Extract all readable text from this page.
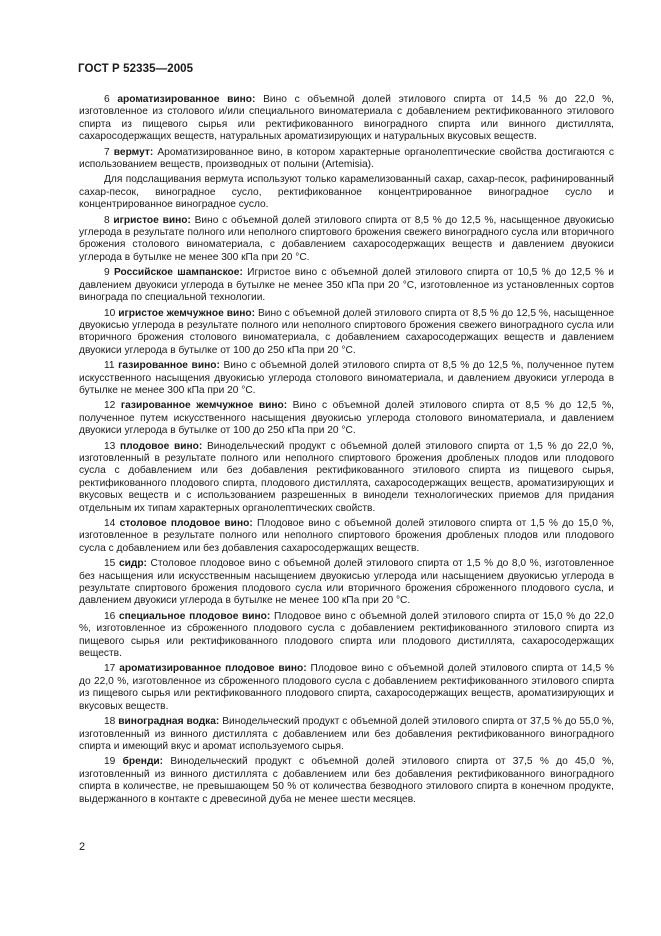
ГОСТ Р 52335—2005

6 ароматизированное вино: Вино с объемной долей этилового спирта от 14,5 % до 22,0 %, изготовленное из столового и/или специального виноматериала с добавлением ректификованного этилового спирта из пищевого сырья или ректификованного виноградного спирта или винного дистиллята, сахаросодержащих веществ, натуральных ароматизирующих и натуральных вкусовых веществ.

7 вермут: Ароматизированное вино, в котором характерные органолептические свойства достигаются с использованием веществ, производных от полыни (Artemisia).

Для подслащивания вермута используют только карамелизованный сахар, сахар-песок, рафинированный сахар-песок, виноградное сусло, ректификованное концентрированное виноградное сусло и концентрированное виноградное сусло.

8 игристое вино: Вино с объемной долей этилового спирта от 8,5 % до 12,5 %, насыщенное двуокисью углерода в результате полного или неполного спиртового брожения свежего виноградного сусла или вторичного брожения столового виноматериала, с добавлением сахаросодержащих веществ и давлением двуокиси углерода в бутылке не менее 300 кПа при 20 °С.

9 Российское шампанское: Игристое вино с объемной долей этилового спирта от 10,5 % до 12,5 % и давлением двуокиси углерода в бутылке не менее 350 кПа при 20 °С, изготовленное из установленных сортов винограда по специальной технологии.

10 игристое жемчужное вино: Вино с объемной долей этилового спирта от 8,5 % до 12,5 %, насыщенное двуокисью углерода в результате полного или неполного спиртового брожения свежего виноградного сусла или вторичного брожения столового виноматериала, с добавлением сахаросодержащих веществ и давлением двуокиси углерода в бутылке от 100 до 250 кПа при 20 °С.

11 газированное вино: Вино с объемной долей этилового спирта от 8,5 % до 12,5 %, полученное путем искусственного насыщения двуокисью углерода столового виноматериала, и давлением двуокиси углерода в бутылке не менее 300 кПа при 20 °С.

12 газированное жемчужное вино: Вино с объемной долей этилового спирта от 8,5 % до 12,5 %, полученное путем искусственного насыщения двуокисью углерода столового виноматериала, и давлением двуокиси углерода в бутылке от 100 до 250 кПа при 20 °С.

13 плодовое вино: Винодельческий продукт с объемной долей этилового спирта от 1,5 % до 22,0 %, изготовленный в результате полного или неполного спиртового брожения дробленых плодов или плодового сусла с добавлением или без добавления ректификованного этилового спирта из пищевого сырья, ректификованного плодового спирта, плодового дистиллята, сахаросодержащих веществ, ароматизирующих и вкусовых веществ и с использованием разрешенных в винодели технологических приемов для придания отдельным их типам характерных органолептических свойств.

14 столовое плодовое вино: Плодовое вино с объемной долей этилового спирта от 1,5 % до 15,0 %, изготовленное в результате полного или неполного спиртового брожения дробленых плодов или плодового сусла с добавлением или без добавления сахаросодержащих веществ.

15 сидр: Столовое плодовое вино с объемной долей этилового спирта от 1,5 % до 8,0 %, изготовленное без насыщения или искусственным насыщением двуокисью углерода или насыщением двуокисью углерода в результате спиртового брожения плодового сусла или вторичного брожения сброженного плодового сусла, и давлением двуокиси углерода в бутылке не менее 100 кПа при 20 °С.

16 специальное плодовое вино: Плодовое вино с объемной долей этилового спирта от 15,0 % до 22,0 %, изготовленное из сброженного плодового сусла с добавлением ректификованного этилового спирта из пищевого сырья или ректификованного плодового спирта или плодового дистиллята, сахаросодержащих веществ.

17 ароматизированное плодовое вино: Плодовое вино с объемной долей этилового спирта от 14,5 % до 22,0 %, изготовленное из сброженного плодового сусла с добавлением ректификованного этилового спирта из пищевого сырья или ректификованного плодового спирта, сахаросодержащих веществ, ароматизирующих и вкусовых веществ.

18 виноградная водка: Винодельческий продукт с объемной долей этилового спирта от 37,5 % до 55,0 %, изготовленный из винного дистиллята с добавлением или без добавления ректификованного виноградного спирта и имеющий вкус и аромат используемого сырья.

19 бренди: Винодельческий продукт с объемной долей этилового спирта от 37,5 % до 45,0 %, изготовленный из винного дистиллята с добавлением или без добавления ректификованного виноградного спирта в количестве, не превышающем 50 % от количества безводного этилового спирта в конечном продукте, выдержанного в контакте с древесиной дуба не менее шести месяцев.

2
